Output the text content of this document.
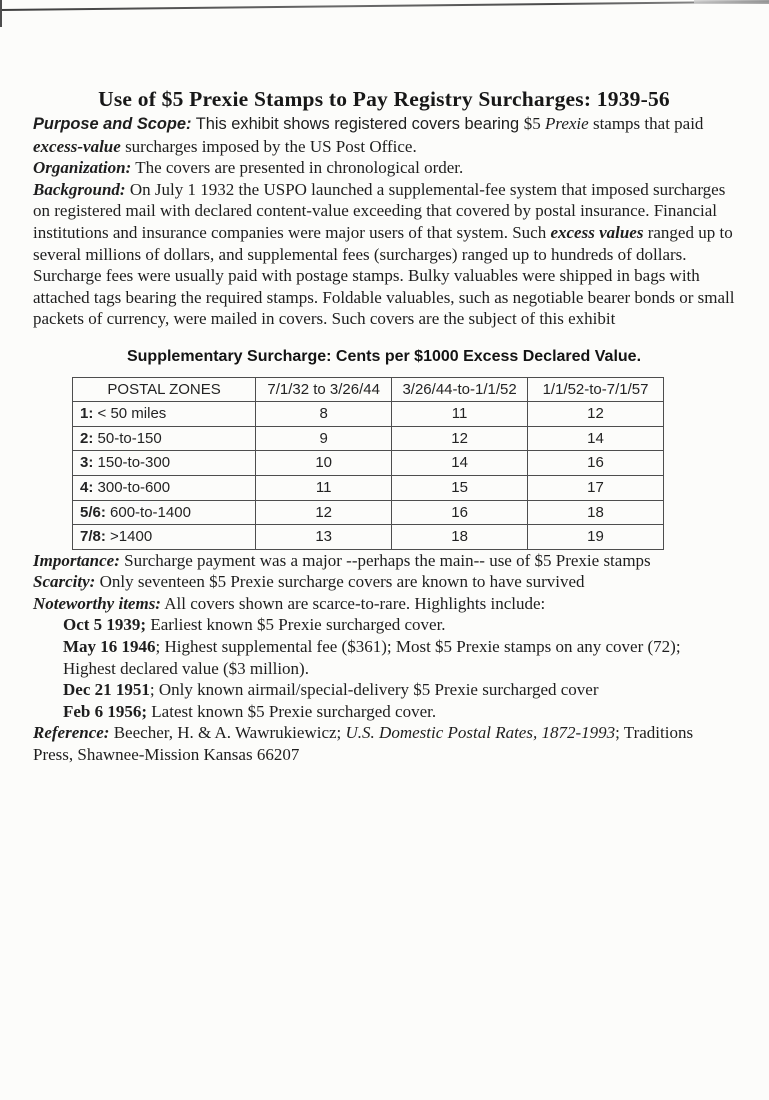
Use of $5 Prexie Stamps to Pay Registry Surcharges: 1939-56

Purpose and Scope: This exhibit shows registered covers bearing $5 Prexie stamps that paid excess-value surcharges imposed by the US Post Office.

Organization: The covers are presented in chronological order.

Background: On July 1 1932 the USPO launched a supplemental-fee system that imposed surcharges on registered mail with declared content-value exceeding that covered by postal insurance. Financial institutions and insurance companies were major users of that system. Such excess values ranged up to several millions of dollars, and supplemental fees (surcharges) ranged up to hundreds of dollars. Surcharge fees were usually paid with postage stamps. Bulky valuables were shipped in bags with attached tags bearing the required stamps. Foldable valuables, such as negotiable bearer bonds or small packets of currency, were mailed in covers. Such covers are the subject of this exhibit

Supplementary Surcharge: Cents per $1000 Excess Declared Value.

POSTAL ZONES	7/1/32 to 3/26/44	3/26/44-to-1/1/52	1/1/52-to-7/1/57
1: < 50 miles	8	11	12
2: 50-to-150	9	12	14
3: 150-to-300	10	14	16
4: 300-to-600	11	15	17
5/6: 600-to-1400	12	16	18
7/8: >1400	13	18	19

Importance: Surcharge payment was a major --perhaps the main-- use of $5 Prexie stamps

Scarcity: Only seventeen $5 Prexie surcharge covers are known to have survived

Noteworthy items: All covers shown are scarce-to-rare. Highlights include:

Oct 5 1939; Earliest known $5 Prexie surcharged cover.

May 16 1946; Highest supplemental fee ($361); Most $5 Prexie stamps on any cover (72); Highest declared value ($3 million).

Dec 21 1951; Only known airmail/special-delivery $5 Prexie surcharged cover

Feb 6 1956; Latest known $5 Prexie surcharged cover.

Reference: Beecher, H. & A. Wawrukiewicz; U.S. Domestic Postal Rates, 1872-1993; Traditions Press, Shawnee-Mission Kansas 66207
